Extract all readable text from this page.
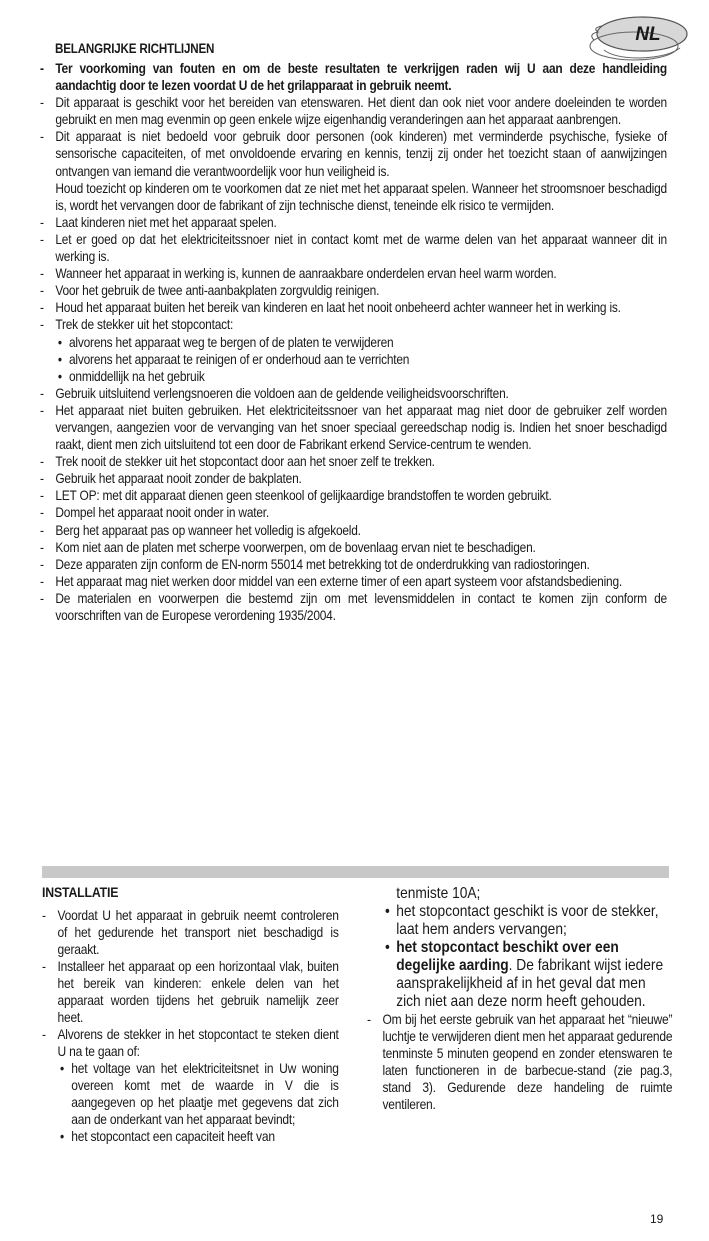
NL
BELANGRIJKE RICHTLIJNEN
- Ter voorkoming van fouten en om de beste resultaten te verkrijgen raden wij U aan deze handleiding aandachtig door te lezen voordat U de het grilapparaat in gebruik neemt.
- Dit apparaat is geschikt voor het bereiden van etenswaren. Het dient dan ook niet voor andere doeleinden te worden gebruikt en men mag evenmin op geen enkele wijze eigenhandig veranderingen aan het apparaat aanbrengen.
- Dit apparaat is niet bedoeld voor gebruik door personen (ook kinderen) met verminderde psychische, fysieke of sensorische capaciteiten, of met onvoldoende ervaring en kennis, tenzij zij onder het toezicht staan of aanwijzingen ontvangen van iemand die verantwoordelijk voor hun veiligheid is.
Houd toezicht op kinderen om te voorkomen dat ze niet met het apparaat spelen. Wanneer het stroomsnoer beschadigd is, wordt het vervangen door de fabrikant of zijn technische dienst, teneinde elk risico te vermijden.
- Laat kinderen niet met het apparaat spelen.
- Let er goed op dat het elektriciteitssnoer niet in contact komt met de warme delen van het apparaat wanneer dit in werking is.
- Wanneer het apparaat in werking is, kunnen de aanraakbare onderdelen ervan heel warm worden.
- Voor het gebruik de twee anti-aanbakplaten zorgvuldig reinigen.
- Houd het apparaat buiten het bereik van kinderen en laat het nooit onbeheerd achter wanneer het in werking is.
- Trek de stekker uit het stopcontact:
• alvorens het apparaat weg te bergen of de platen te verwijderen
• alvorens het apparaat te reinigen of er onderhoud aan te verrichten
• onmiddellijk na het gebruik
- Gebruik uitsluitend verlengsnoeren die voldoen aan de geldende veiligheidsvoorschriften.
- Het apparaat niet buiten gebruiken. Het elektriciteitssnoer van het apparaat mag niet door de gebruiker zelf worden vervangen, aangezien voor de vervanging van het snoer speciaal gereedschap nodig is. Indien het snoer beschadigd raakt, dient men zich uitsluitend tot een door de Fabrikant erkend Service-centrum te wenden.
- Trek nooit de stekker uit het stopcontact door aan het snoer zelf te trekken.
- Gebruik het apparaat nooit zonder de bakplaten.
- LET OP: met dit apparaat dienen geen steenkool of gelijkaardige brandstoffen te worden gebruikt.
- Dompel het apparaat nooit onder in water.
- Berg het apparaat pas op wanneer het volledig is afgekoeld.
- Kom niet aan de platen met scherpe voorwerpen, om de bovenlaag ervan niet te beschadigen.
- Deze apparaten zijn conform de EN-norm 55014 met betrekking tot de onderdrukking van radiostoringen.
- Het apparaat mag niet werken door middel van een externe timer of een apart systeem voor afstandsbediening.
- De materialen en voorwerpen die bestemd zijn om met levensmiddelen in contact te komen zijn conform de voorschriften van de Europese verordening 1935/2004.
INSTALLATIE
- Voordat U het apparaat in gebruik neemt controleren of het gedurende het transport niet beschadigd is geraakt.
- Installeer het apparaat op een horizontaal vlak, buiten het bereik van kinderen: enkele delen van het apparaat worden tijdens het gebruik namelijk zeer heet.
- Alvorens de stekker in het stopcontact te steken dient U na te gaan of:
• het voltage van het elektriciteitsnet in Uw woning overeen komt met de waarde in V die is aangegeven op het plaatje met gegevens dat zich aan de onderkant van het apparaat bevindt;
• het stopcontact een capaciteit heeft van
tenmiste 10A;
• het stopcontact geschikt is voor de stekker, laat hem anders vervangen;
• het stopcontact beschikt over een degelijke aarding. De fabrikant wijst iedere aansprakelijkheid af in het geval dat men zich niet aan deze norm heeft gehouden.
- Om bij het eerste gebruik van het apparaat het “nieuwe” luchtje te verwijderen dient men het apparaat gedurende tenminste 5 minuten geopend en zonder etenswaren te laten functioneren in de barbecue-stand (zie pag.3, stand 3). Gedurende deze handeling de ruimte ventileren.
19
